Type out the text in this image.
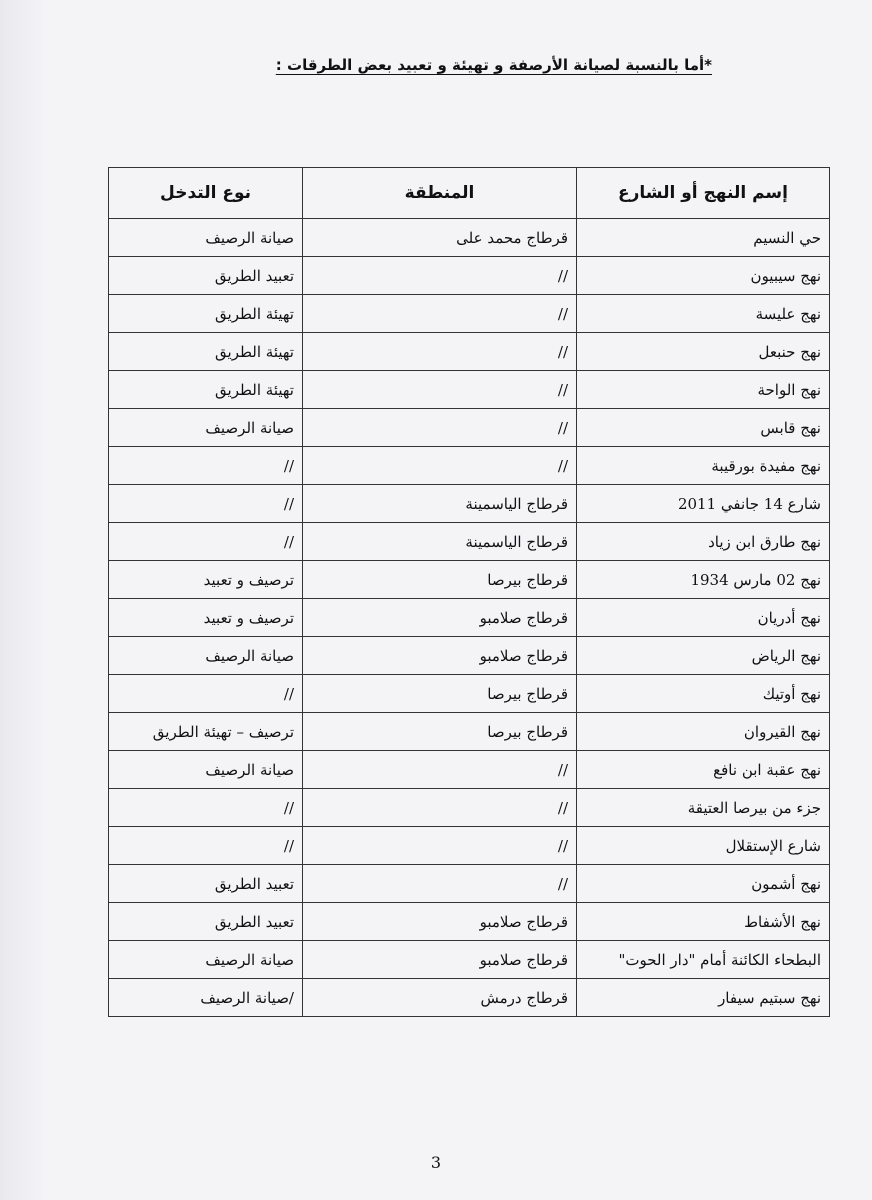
*أما بالنسبة لصيانة الأرصفة و تهيئة و تعبيد بعض الطرقات :
إسم النهج أو الشارع	المنطقة	نوع التدخل
حي النسيم	قرطاج محمد على	صيانة الرصيف
نهج سيبيون	//	تعبيد الطريق
نهج عليسة	//	تهيئة الطريق
نهج حنبعل	//	تهيئة الطريق
نهج الواحة	//	تهيئة الطريق
نهج قابس	//	صيانة الرصيف
نهج مفيدة بورقيبة	//	//
شارع 14 جانفي 2011	قرطاج الياسمينة	//
نهج طارق ابن زياد	قرطاج الياسمينة	//
نهج 02 مارس 1934	قرطاج بيرصا	ترصيف و تعبيد
نهج أدريان	قرطاج صلامبو	ترصيف و تعبيد
نهج الرياض	قرطاج صلامبو	صيانة الرصيف
نهج أوتيك	قرطاج بيرصا	//
نهج القيروان	قرطاج بيرصا	ترصيف – تهيئة الطريق
نهج عقبة ابن نافع	//	صيانة الرصيف
جزء من بيرصا العتيقة	//	//
شارع الإستقلال	//	//
نهج أشمون	//	تعبيد الطريق
نهج الأشفاط	قرطاج صلامبو	تعبيد الطريق
البطحاء الكائنة أمام "دار الحوت"	قرطاج صلامبو	صيانة الرصيف
نهج سبتيم سيفار	قرطاج درمش	/صيانة الرصيف
3
